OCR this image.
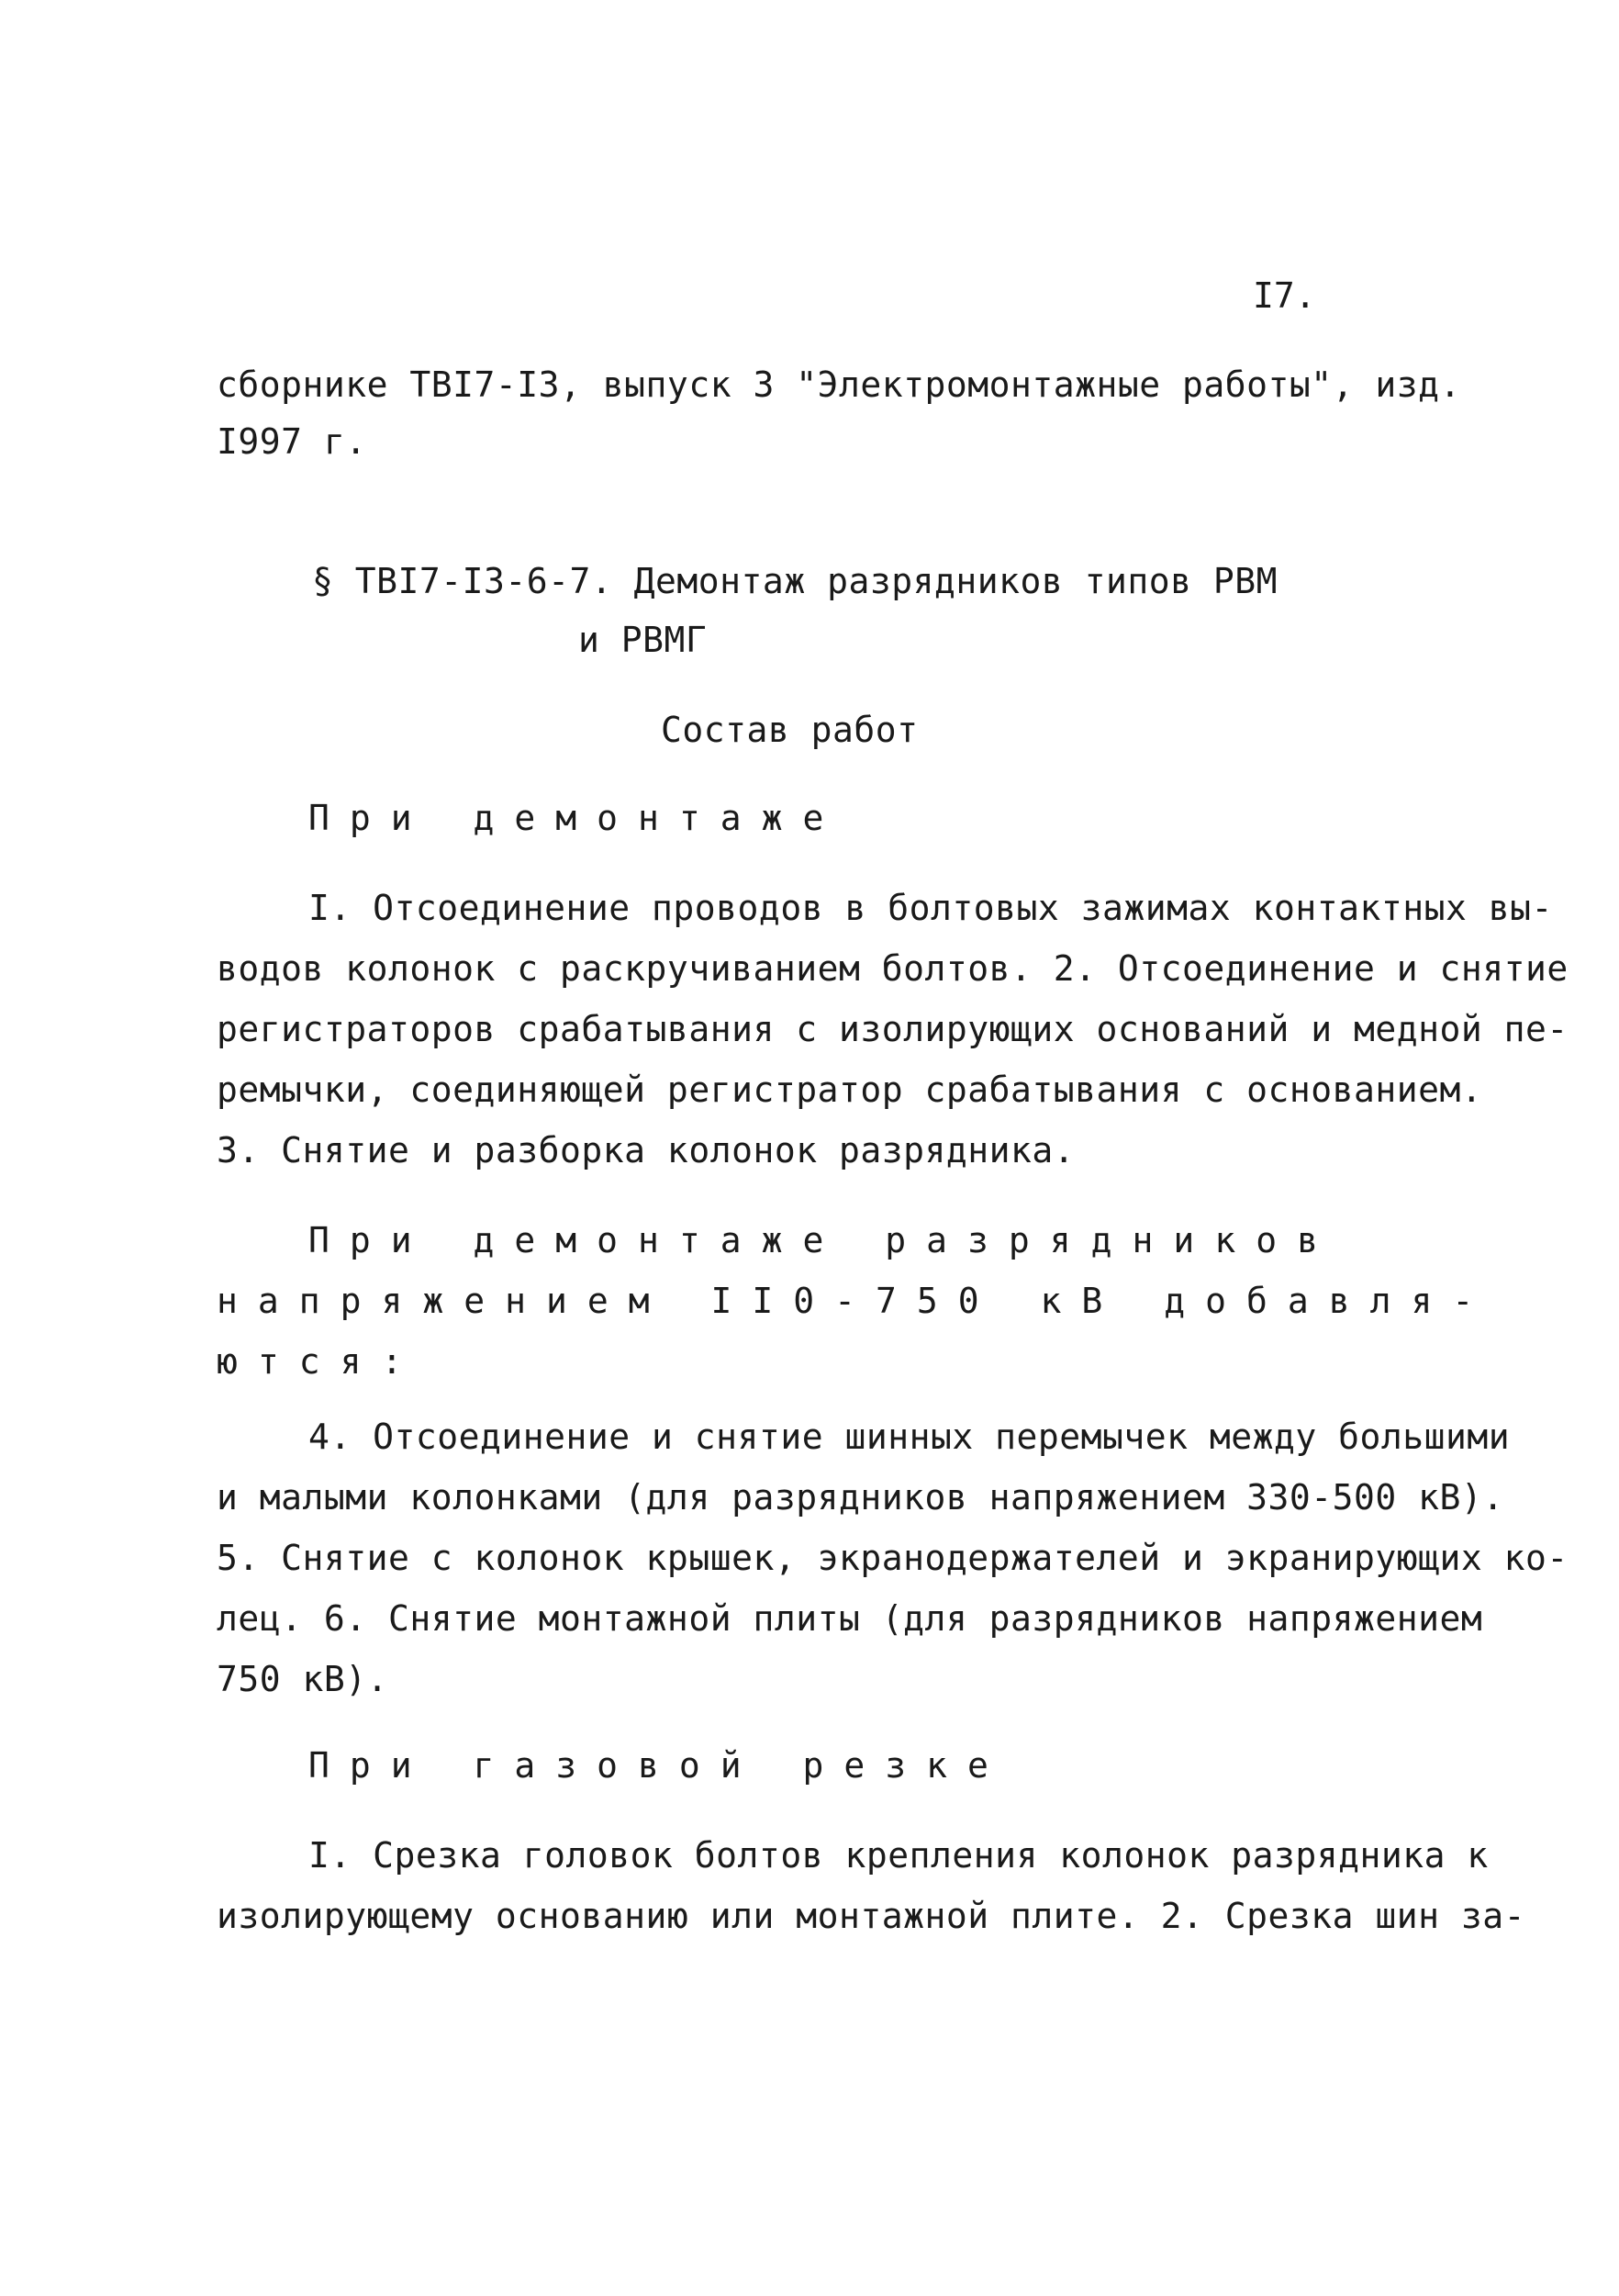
I7.
сборнике ТВI7-I3, выпуск 3 "Электромонтажные работы", изд.
I997 г.
§ ТВI7-I3-6-7. Демонтаж разрядников типов РВМ
и РВМГ
Состав работ
При демонтаже
I. Отсоединение проводов в болтовых зажимах контактных вы-
водов колонок с раскручиванием болтов. 2. Отсоединение и снятие
регистраторов срабатывания с изолирующих оснований и медной пе-
ремычки, соединяющей регистратор срабатывания с основанием.
3. Снятие и разборка колонок разрядника.
При демонтаже разрядников
напряжением II0-750 кВ добавля-
ются:
4. Отсоединение и снятие шинных перемычек между большими
и малыми колонками (для разрядников напряжением 330-500 кВ).
5. Снятие с колонок крышек, экранодержателей и экранирующих ко-
лец. 6. Снятие монтажной плиты (для разрядников напряжением
750 кВ).
При газовой резке
I. Срезка головок болтов крепления колонок разрядника к
изолирующему основанию или монтажной плите. 2. Срезка шин за-
